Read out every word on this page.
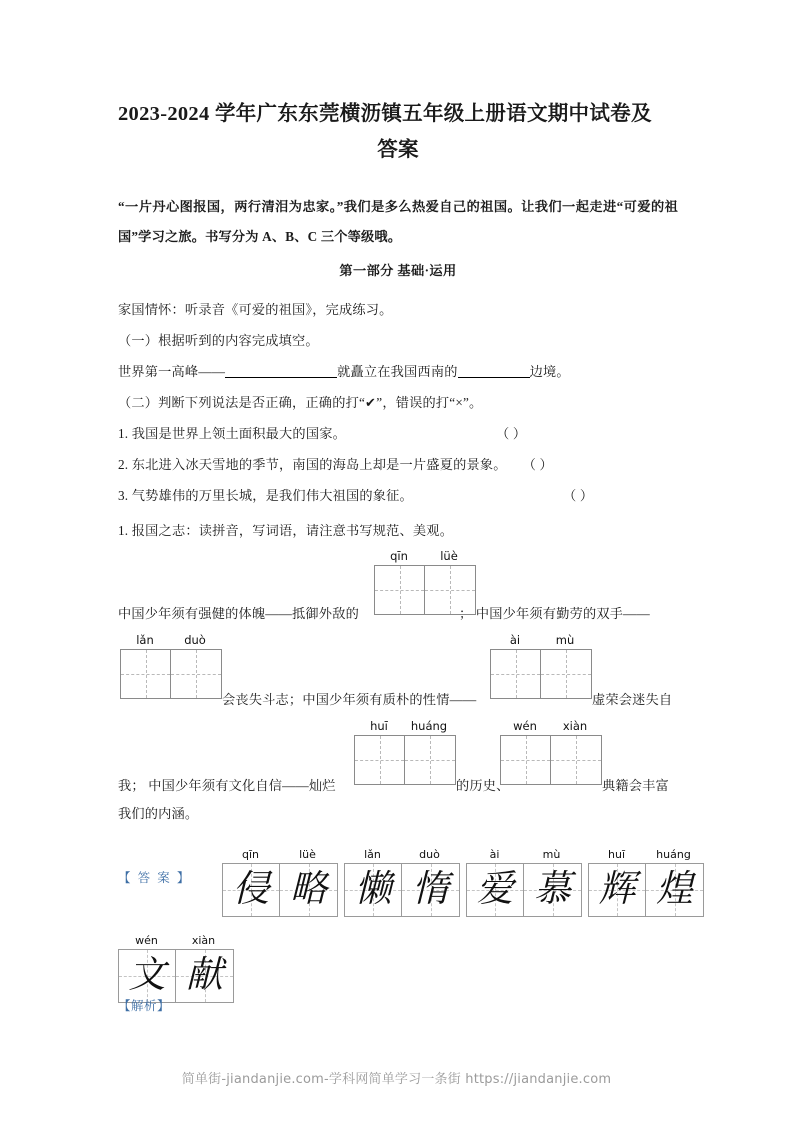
2023-2024 学年广东东莞横沥镇五年级上册语文期中试卷及
答案
“一片丹心图报国，两行清泪为忠家。”我们是多么热爱自己的祖国。让我们一起走进“可爱的祖国”学习之旅。书写分为 A、B、C 三个等级哦。
第一部分 基础·运用
家国情怀：听录音《可爱的祖国》，完成练习。
（一）根据听到的内容完成填空。
世界第一高峰——	就矗立在我国西南的	边境。
（二）判断下列说法是否正确，正确的打“✔”，错误的打“×”。
1. 我国是世界上领土面积最大的国家。	（ ）
2. 东北进入冰天雪地的季节，南国的海岛上却是一片盛夏的景象。 （ ）
3. 气势雄伟的万里长城，是我们伟大祖国的象征。	（ ）
1. 报国之志：读拼音，写词语，请注意书写规范、美观。
qīn	lüè
中国少年须有强健的体魄——抵御外敌的	； 中国少年须有勤劳的双手——
lǎn	duò	ài	mù
会丧失斗志；中国少年须有质朴的性情——	虚荣会迷失自
huī	huáng	wén	xiàn
我； 中国少年须有文化自信——灿烂	的历史、	典籍会丰富
我们的内涵。
【 答 案 】
qīn	lüè
侵 略
lǎn	duò
懒 惰
ài	mù
爱 慕
huī	huáng
辉 煌
wén	xiàn
文 献
【解析】
简单街-jiandanjie.com-学科网简单学习一条街 https://jiandanjie.com
